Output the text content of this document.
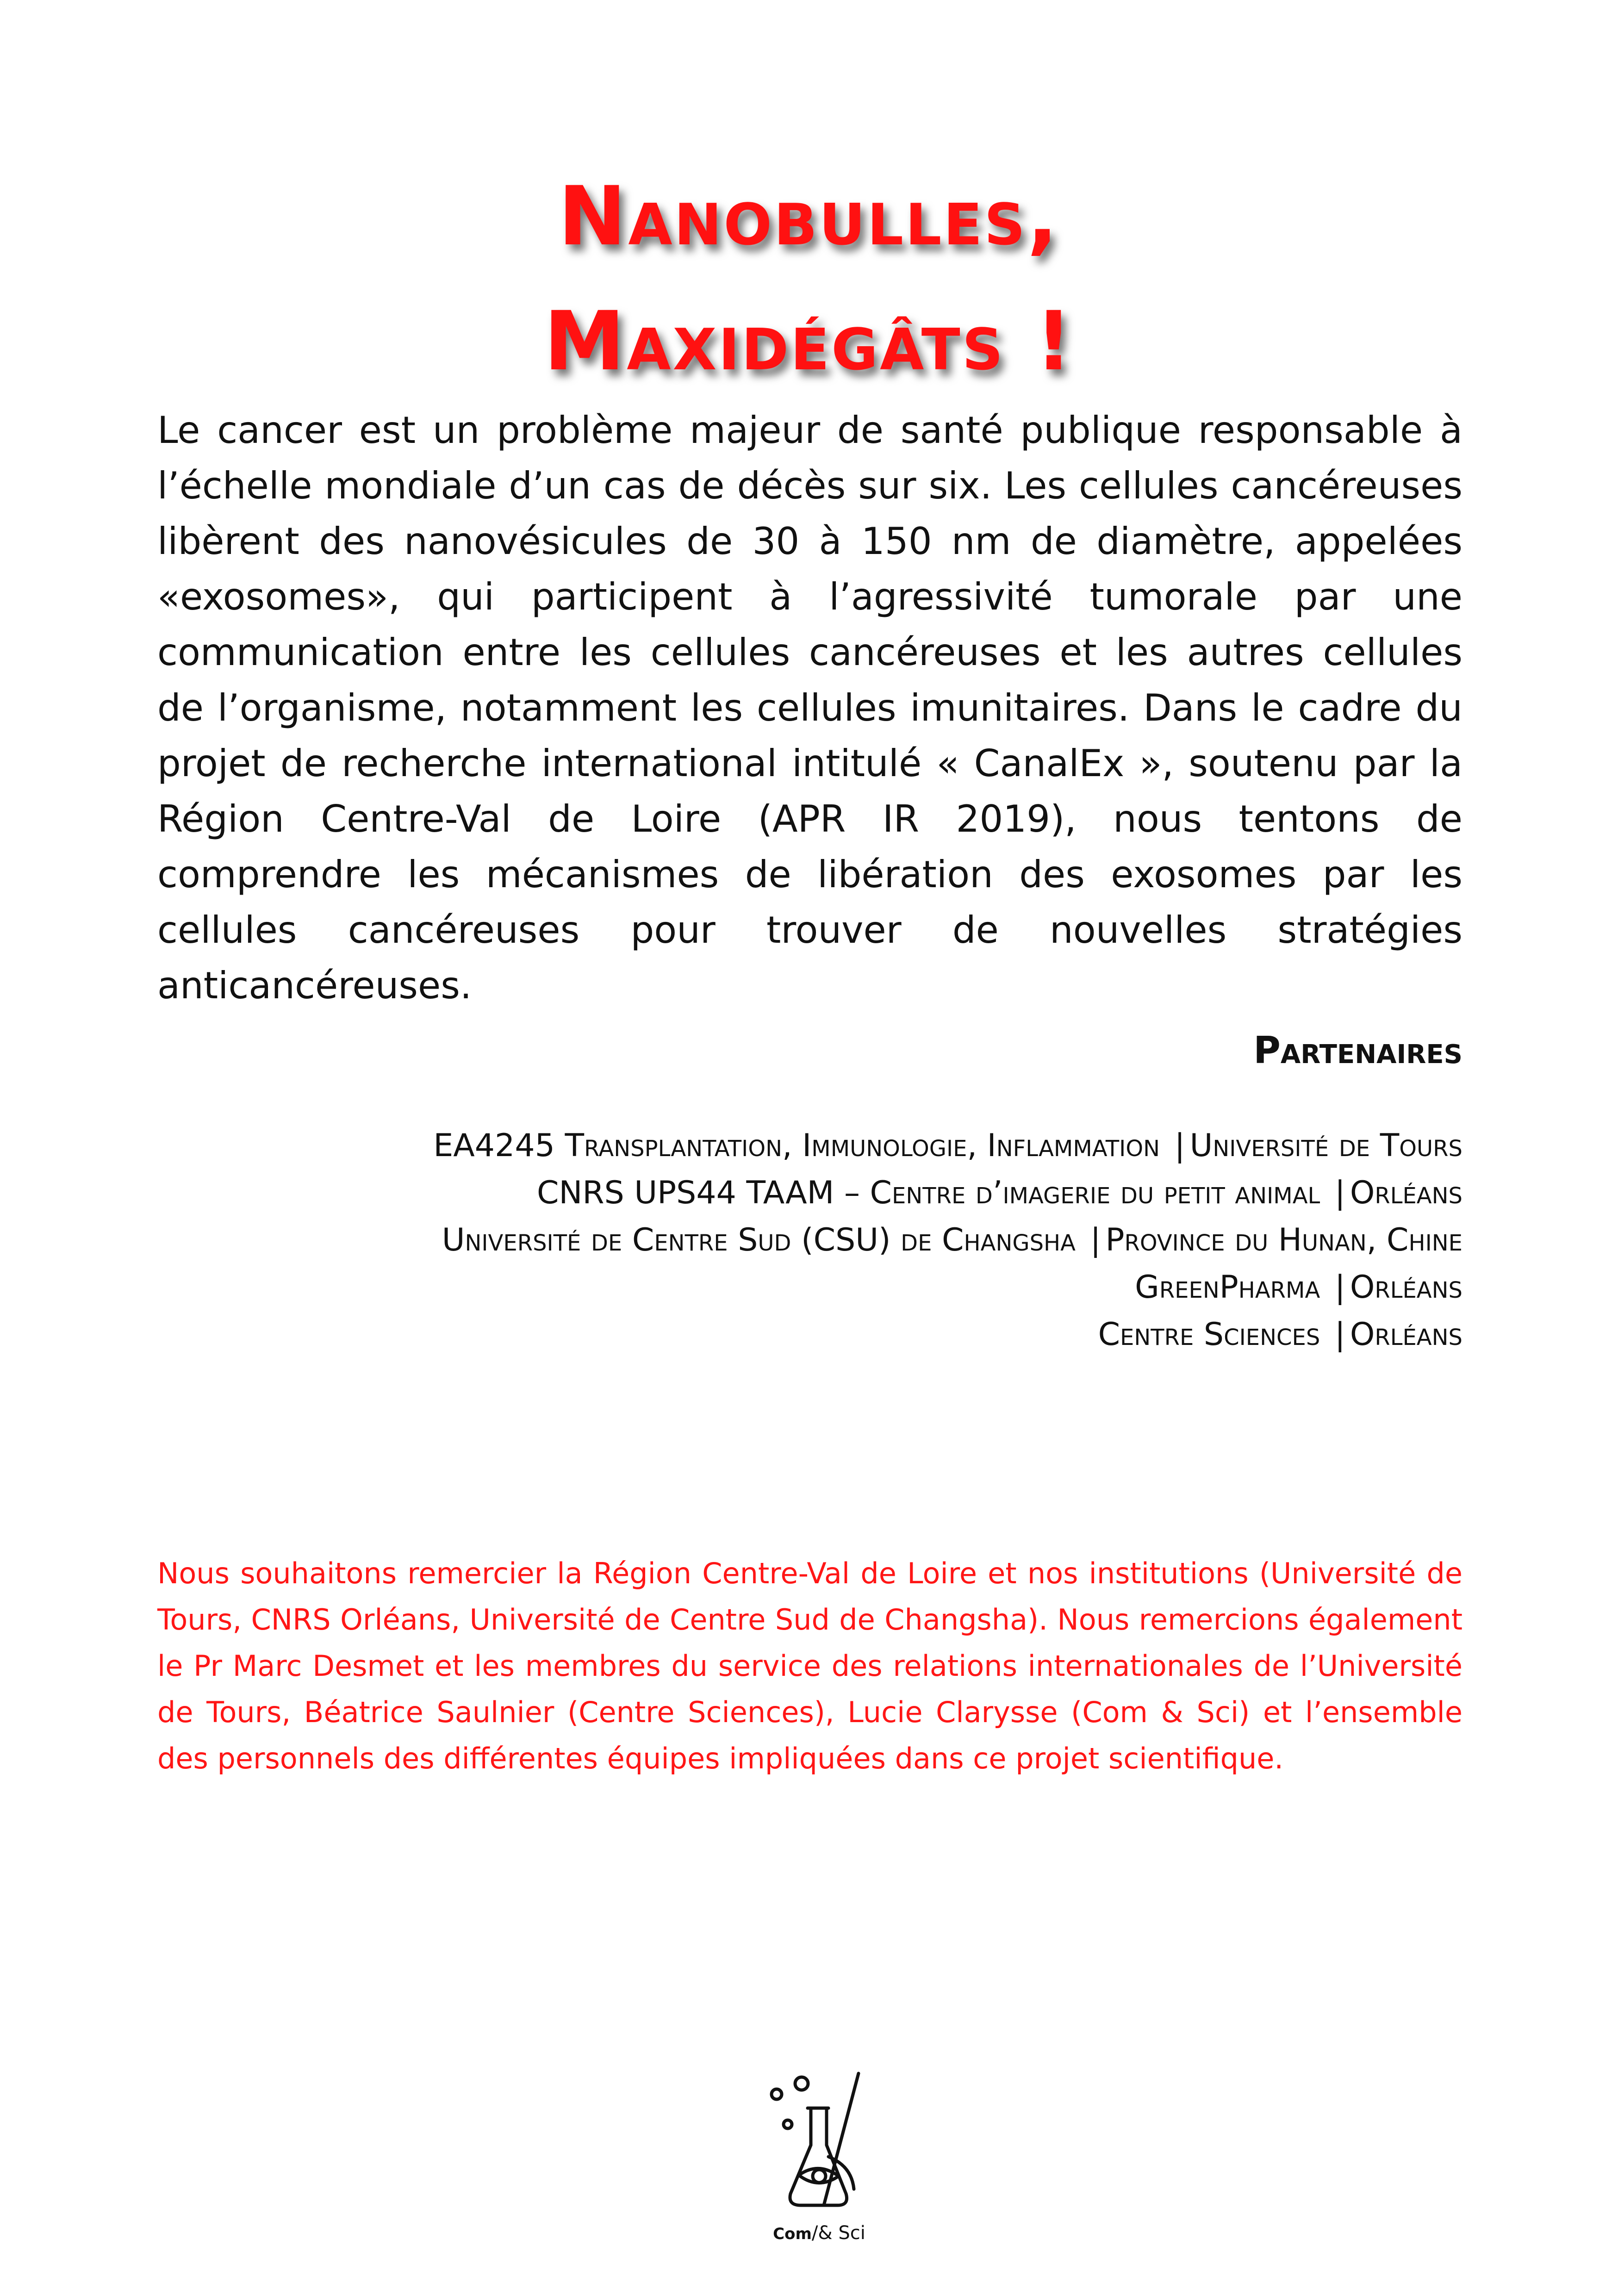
Nanobulles,
Maxidégâts !

Le cancer est un problème majeur de santé publique responsable à l’échelle mondiale d’un cas de décès sur six. Les cellules cancéreuses libèrent des nanovésicules de 30 à 150 nm de diamètre, appelées «exosomes», qui participent à l’agressivité tumorale par une communication entre les cellules cancéreuses et les autres cellules de l’organisme, notamment les cellules imunitaires. Dans le cadre du projet de recherche international intitulé « CanalEx », soutenu par la Région Centre-Val de Loire (APR IR 2019), nous tentons de comprendre les mécanismes de libération des exosomes par les cellules cancéreuses pour trouver de nouvelles stratégies anticancéreuses.

Partenaires
EA4245 Transplantation, Immunologie, Inflammation | Université de Tours
CNRS UPS44 TAAM – Centre d’imagerie du petit animal | Orléans
Université de Centre Sud (CSU) de Changsha | Province du Hunan, Chine
GreenPharma | Orléans
Centre Sciences | Orléans

Nous souhaitons remercier la Région Centre-Val de Loire et nos institutions (Université de Tours, CNRS Orléans, Université de Centre Sud de Changsha). Nous remercions également le Pr Marc Desmet et les membres du service des relations internationales de l’Université de Tours, Béatrice Saulnier (Centre Sciences), Lucie Clarysse (Com & Sci) et l’ensemble des personnels des différentes équipes impliquées dans ce projet scientifique.

Com/& Sci
